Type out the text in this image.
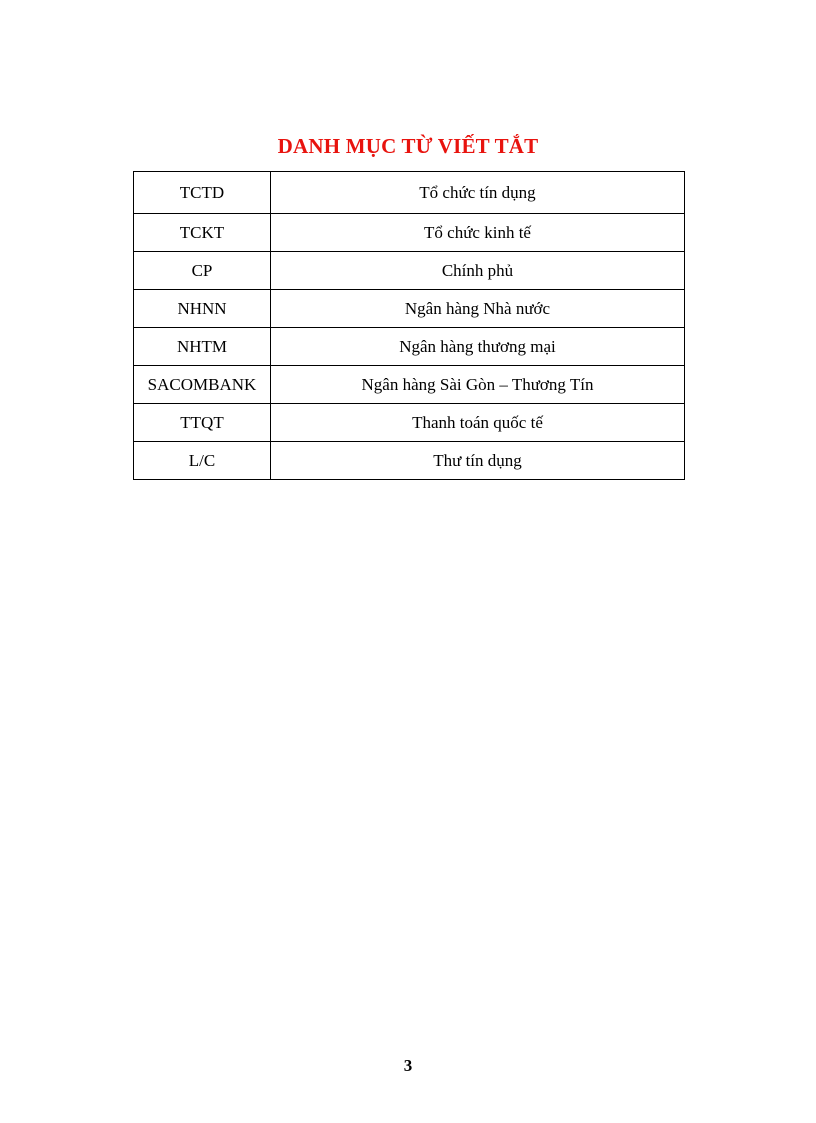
DANH MỤC TỪ VIẾT TẮT
TCTD	Tổ chức tín dụng
TCKT	Tổ chức kinh tế
CP	Chính phủ
NHNN	Ngân hàng Nhà nước
NHTM	Ngân hàng thương mại
SACOMBANK	Ngân hàng Sài Gòn – Thương Tín
TTQT	Thanh toán quốc tế
L/C	Thư tín dụng
3
